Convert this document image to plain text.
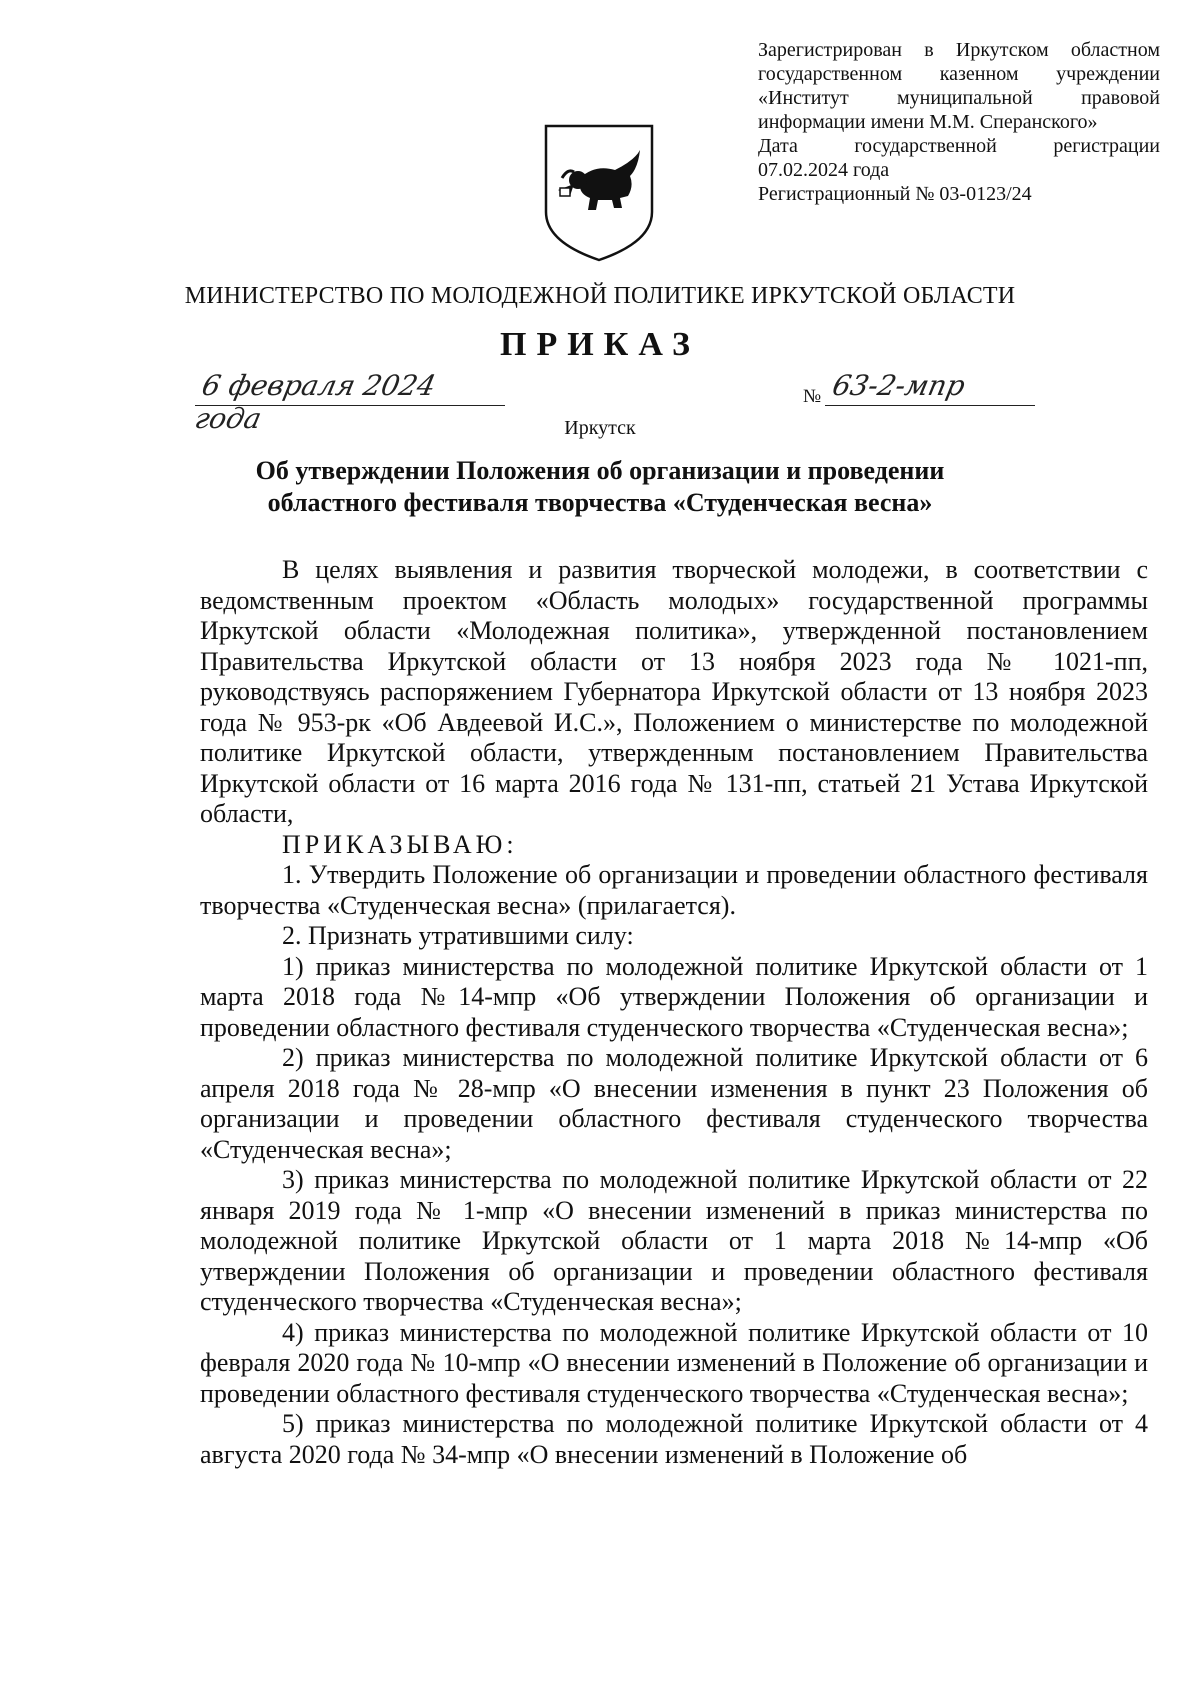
Зарегистрирован в Иркутском областном
государственном казенном учреждении
«Институт муниципальной правовой
информации имени М.М. Сперанского»
Дата государственной регистрации
07.02.2024 года
Регистрационный № 03-0123/24
МИНИСТЕРСТВО ПО МОЛОДЕЖНОЙ ПОЛИТИКЕ ИРКУТСКОЙ ОБЛАСТИ
ПРИКАЗ
6 февраля 2024 года
№ 63-2-мпр
Иркутск
Об утверждении Положения об организации и проведении областного фестиваля творчества «Студенческая весна»

В целях выявления и развития творческой молодежи, в соответствии с ведомственным проектом «Область молодых» государственной программы Иркутской области «Молодежная политика», утвержденной постановлением Правительства Иркутской области от 13 ноября 2023 года № 1021-пп, руководствуясь распоряжением Губернатора Иркутской области от 13 ноября 2023 года № 953-рк «Об Авдеевой И.С.», Положением о министерстве по молодежной политике Иркутской области, утвержденным постановлением Правительства Иркутской области от 16 марта 2016 года № 131-пп, статьей 21 Устава Иркутской области,

ПРИКАЗЫВАЮ:

1. Утвердить Положение об организации и проведении областного фестиваля творчества «Студенческая весна» (прилагается).

2. Признать утратившими силу:

1) приказ министерства по молодежной политике Иркутской области от 1 марта 2018 года №14-мпр «Об утверждении Положения об организации и проведении областного фестиваля студенческого творчества «Студенческая весна»;

2) приказ министерства по молодежной политике Иркутской области от 6 апреля 2018 года № 28-мпр «О внесении изменения в пункт 23 Положения об организации и проведении областного фестиваля студенческого творчества «Студенческая весна»;

3) приказ министерства по молодежной политике Иркутской области от 22 января 2019 года № 1-мпр «О внесении изменений в приказ министерства по молодежной политике Иркутской области от 1 марта 2018 №14-мпр «Об утверждении Положения об организации и проведении областного фестиваля студенческого творчества «Студенческая весна»;

4) приказ министерства по молодежной политике Иркутской области от 10 февраля 2020 года № 10-мпр «О внесении изменений в Положение об организации и проведении областного фестиваля студенческого творчества «Студенческая весна»;

5) приказ министерства по молодежной политике Иркутской области от 4 августа 2020 года № 34-мпр «О внесении изменений в Положение об
